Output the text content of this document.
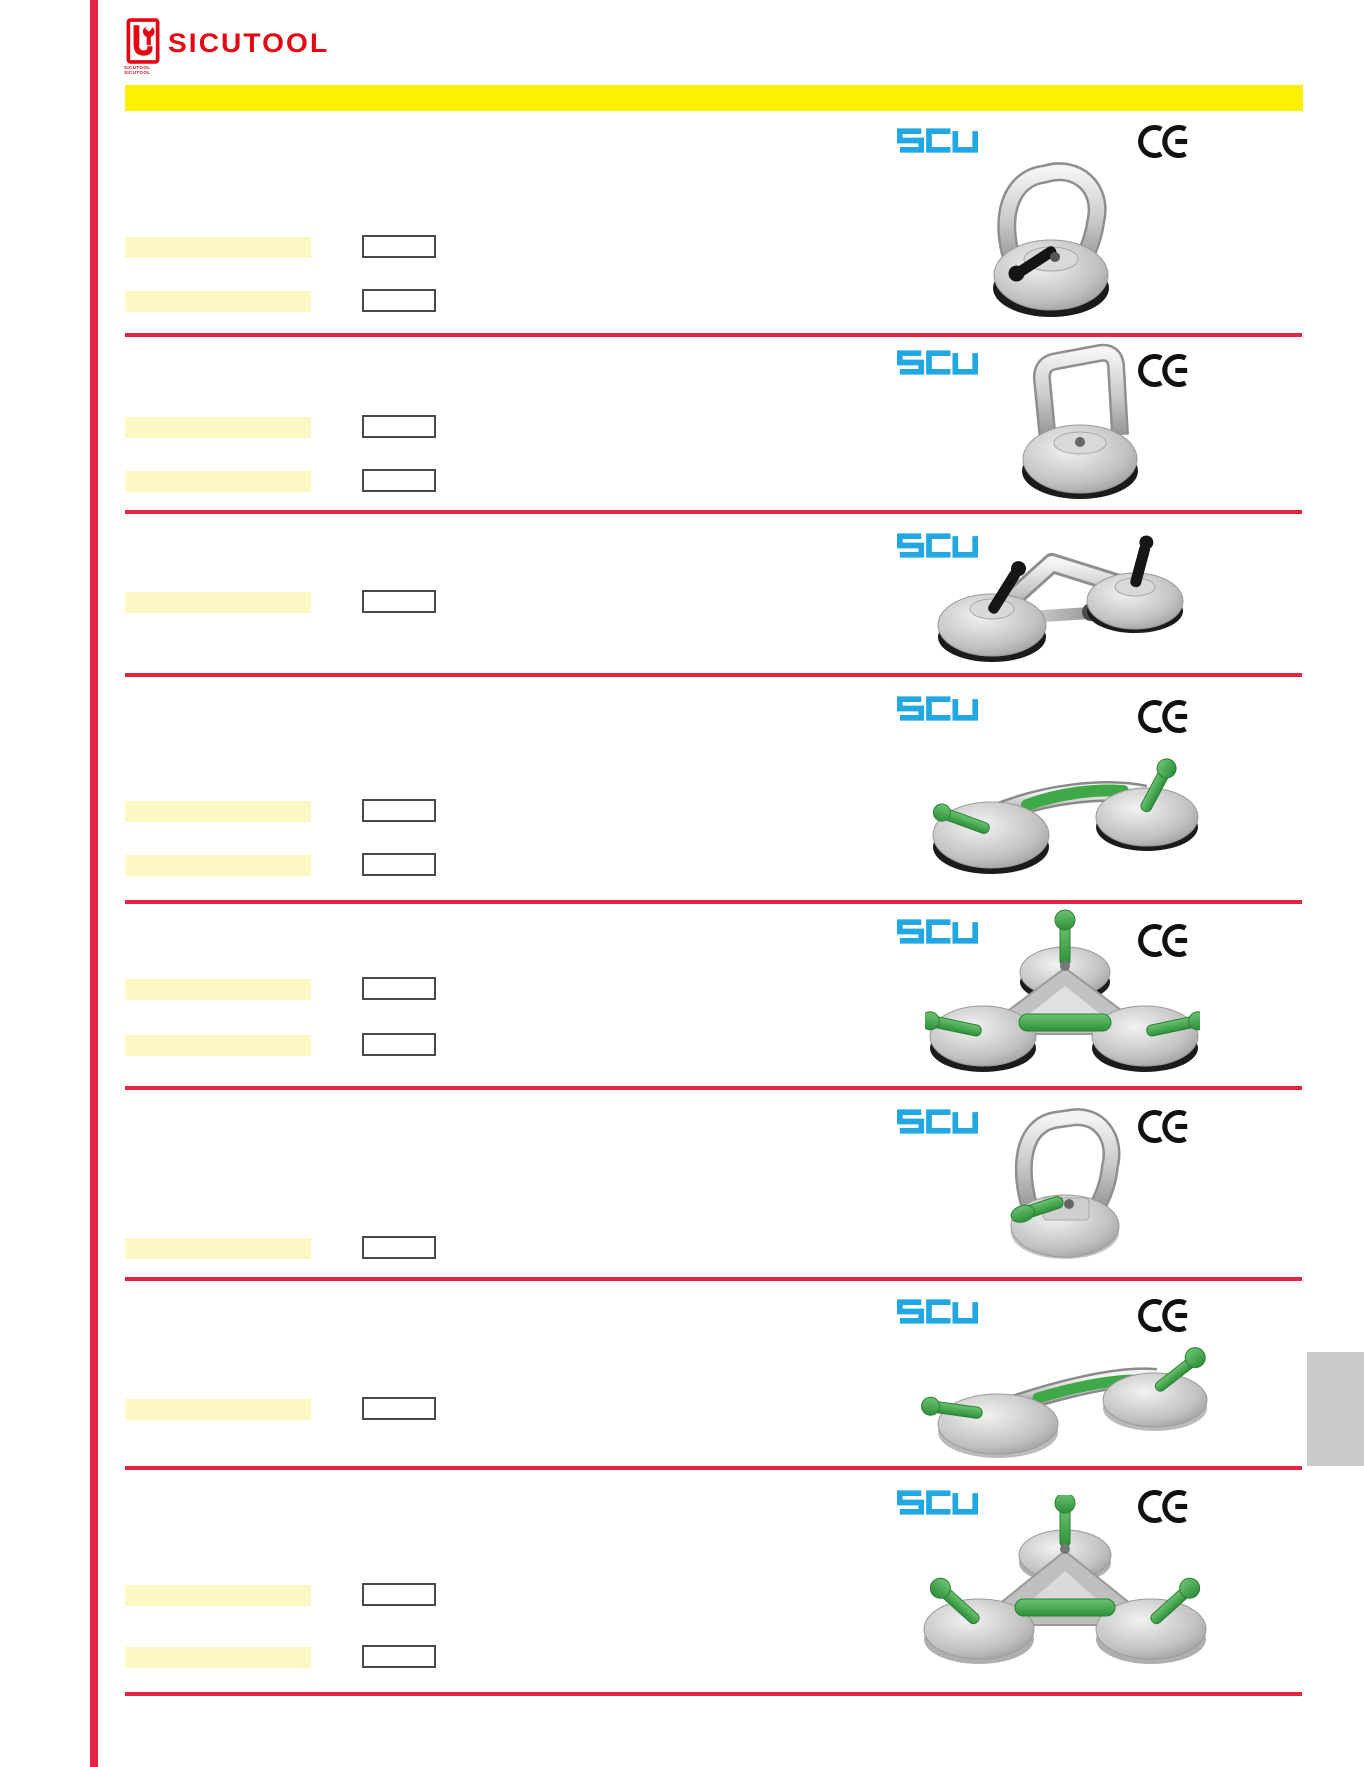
SICUTOOL
SICUTOOL
SICUTOOL
